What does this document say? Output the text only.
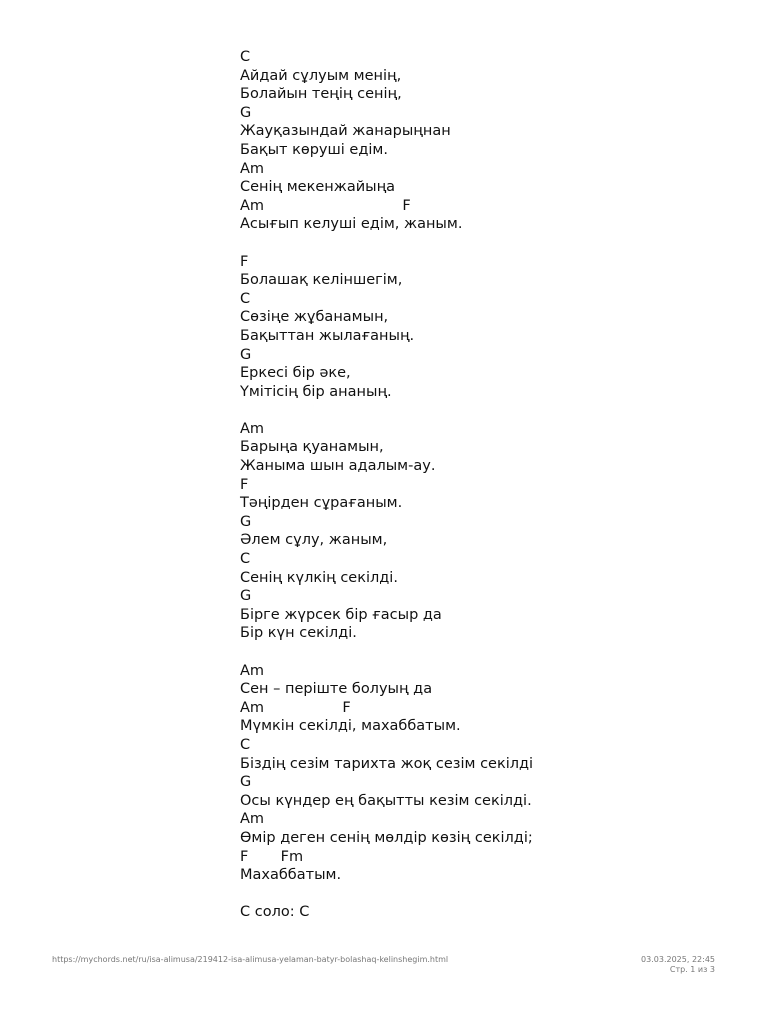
C
Айдай сұлуым менің,
Болайын теңің сенің,
G
Жауқазындай жанарыңнан
Бақыт көруші едім.
Am
Сенің мекенжайыңа
Am                              F
Асығып келуші едім, жаным.
F
Болашақ келіншегім,
C
Сөзіңе жұбанамын,
Бақыттан жылағаның.
G
Еркесі бір әке,
Үмітісің бір ананың.
Am
Барыңа қуанамын,
Жаныма шын адалым-ау.
F
Тәңірден сұрағаным.
G
Әлем сұлу, жаным,
C
Сенің күлкің секілді.
G
Бірге жүрсек бір ғасыр да
Бір күн секілді.
Am
Сен – періште болуың да
Am                 F
Мүмкін секілді, махаббатым.
C
Біздің сезім тарихта жоқ сезім секілді
G
Осы күндер ең бақытты кезім секілді.
Am
Өмір деген сенің мөлдір көзің секілді;
F       Fm
Махаббатым.
C соло: C
https://mychords.net/ru/isa-alimusa/219412-isa-alimusa-yelaman-batyr-bolashaq-kelinshegim.html	03.03.2025, 22:45
Стр. 1 из 3
